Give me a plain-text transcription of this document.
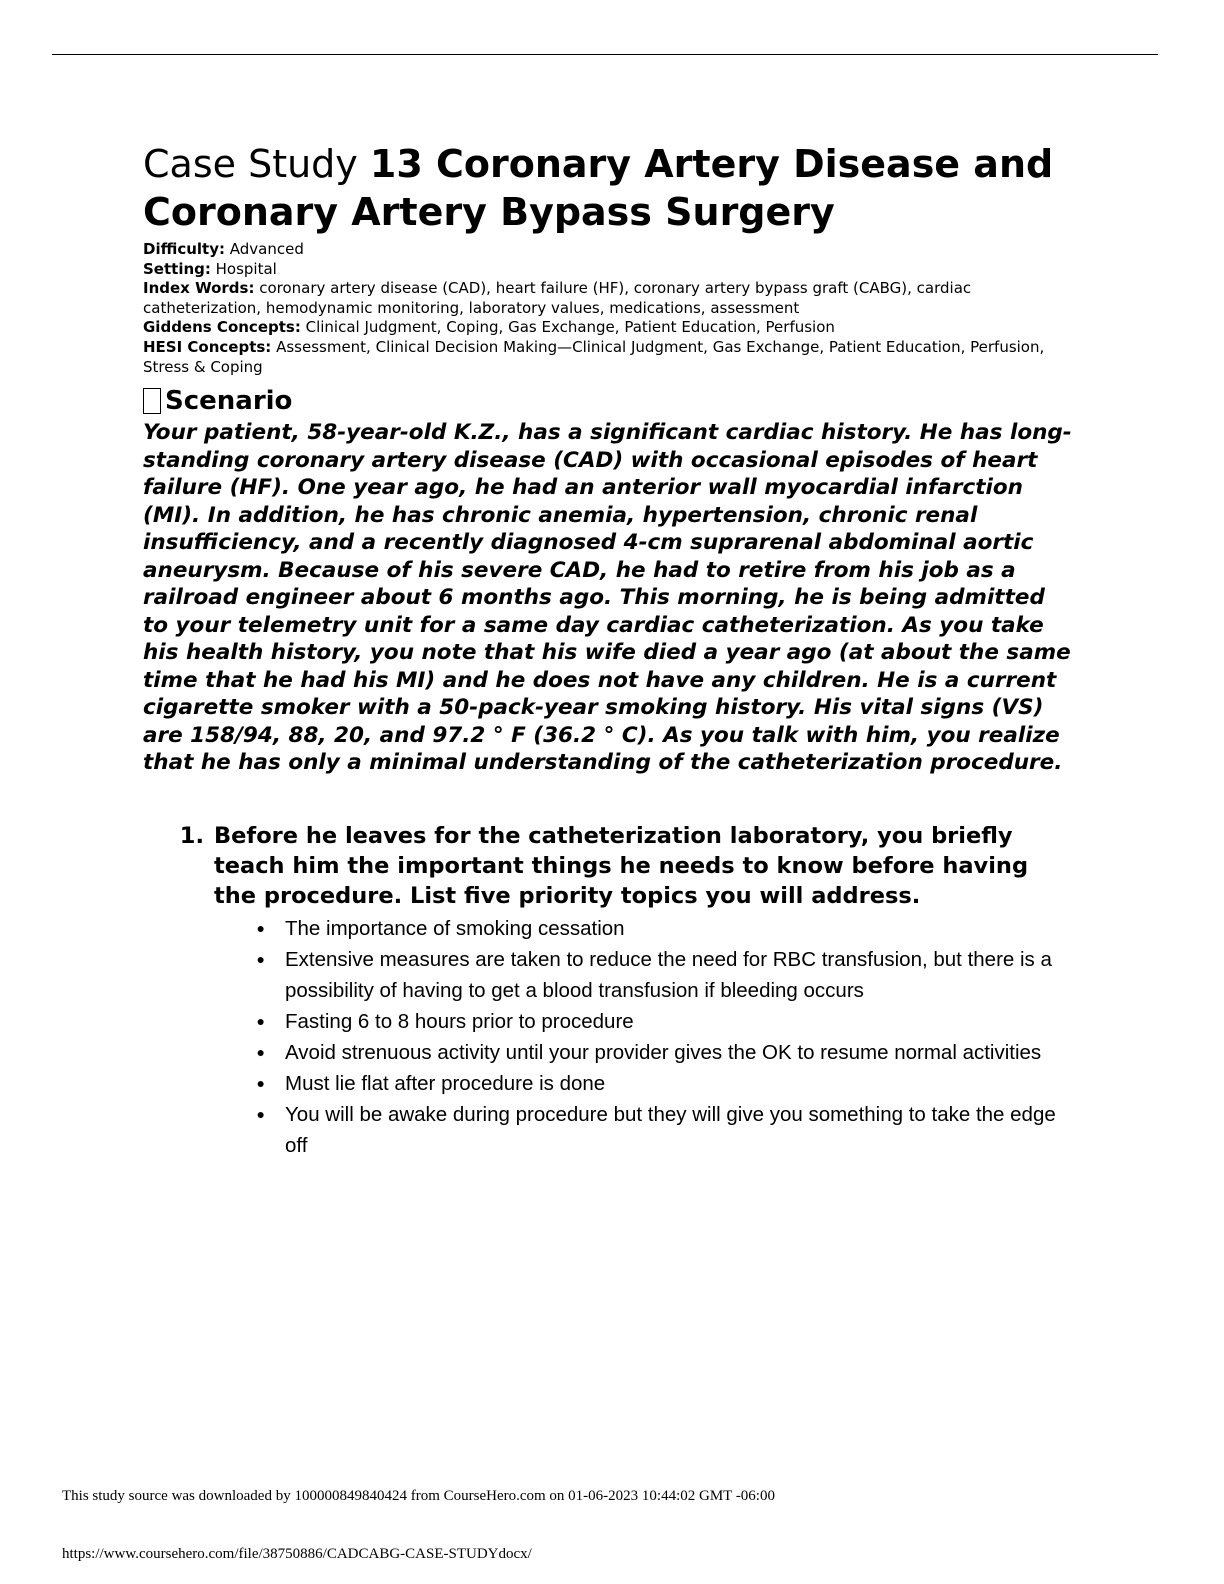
Case Study 13 Coronary Artery Disease and Coronary Artery Bypass Surgery
Difficulty: Advanced
Setting: Hospital
Index Words: coronary artery disease (CAD), heart failure (HF), coronary artery bypass graft (CABG), cardiac
catheterization, hemodynamic monitoring, laboratory values, medications, assessment
Giddens Concepts: Clinical Judgment, Coping, Gas Exchange, Patient Education, Perfusion
HESI Concepts: Assessment, Clinical Decision Making—Clinical Judgment, Gas Exchange, Patient Education, Perfusion,
Stress & Coping
Scenario

Your patient, 58-year-old K.Z., has a significant cardiac history. He has long-standing coronary artery disease (CAD) with occasional episodes of heart failure (HF). One year ago, he had an anterior wall myocardial infarction (MI). In addition, he has chronic anemia, hypertension, chronic renal insufficiency, and a recently diagnosed 4-cm suprarenal abdominal aortic aneurysm. Because of his severe CAD, he had to retire from his job as a railroad engineer about 6 months ago. This morning, he is being admitted to your telemetry unit for a same day cardiac catheterization. As you take his health history, you note that his wife died a year ago (at about the same time that he had his MI) and he does not have any children. He is a current cigarette smoker with a 50-pack-year smoking history. His vital signs (VS) are 158/94, 88, 20, and 97.2 ° F (36.2 ° C). As you talk with him, you realize that he has only a minimal understanding of the catheterization procedure.

1. Before he leaves for the catheterization laboratory, you briefly teach him the important things he needs to know before having the procedure. List five priority topics you will address.
● The importance of smoking cessation
● Extensive measures are taken to reduce the need for RBC transfusion, but there is a possibility of having to get a blood transfusion if bleeding occurs
● Fasting 6 to 8 hours prior to procedure
● Avoid strenuous activity until your provider gives the OK to resume normal activities
● Must lie flat after procedure is done
● You will be awake during procedure but they will give you something to take the edge off
This study source was downloaded by 100000849840424 from CourseHero.com on 01-06-2023 10:44:02 GMT -06:00
https://www.coursehero.com/file/38750886/CADCABG-CASE-STUDYdocx/
